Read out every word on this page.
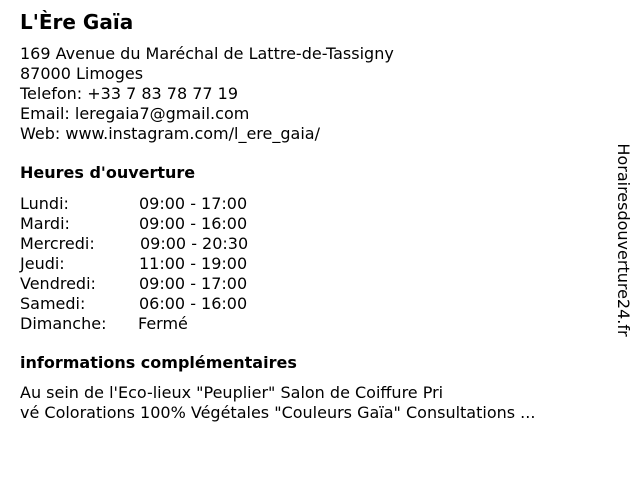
L'Ère Gaïa
169 Avenue du Maréchal de Lattre-de-Tassigny
87000 Limoges
Telefon: +33 7 83 78 77 19
Email: leregaia7@gmail.com
Web: www.instagram.com/l_ere_gaia/
Heures d'ouverture
Lundi:	09:00 - 17:00
Mardi:	09:00 - 16:00
Mercredi:	09:00 - 20:30
Jeudi:	11:00 - 19:00
Vendredi:	09:00 - 17:00
Samedi:	06:00 - 16:00
Dimanche: Fermé
informations complémentaires
Au sein de l'Eco-lieux "Peuplier" Salon de Coiffure Pri
vé Colorations 100% Végétales "Couleurs Gaïa" Consultations ...
Horairesdouverture24.fr
